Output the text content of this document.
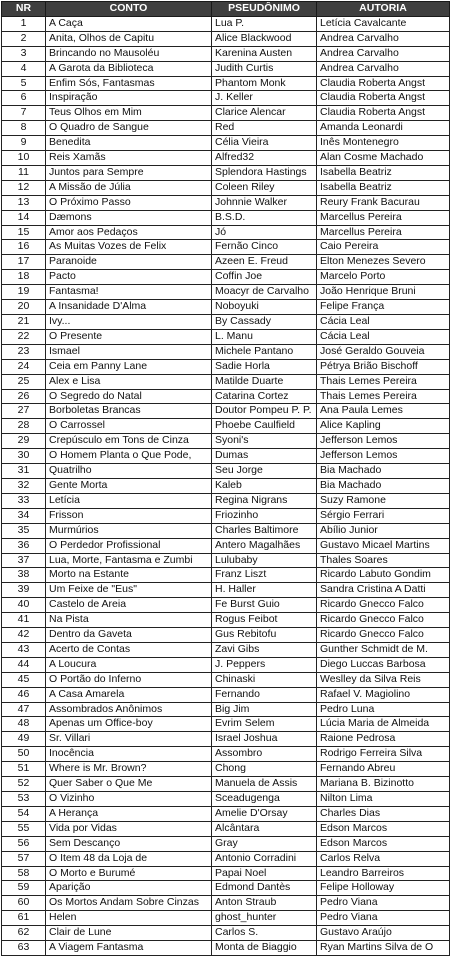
NR	CONTO	PSEUDÔNIMO	AUTORIA
1	A Caça	Lua P.	Letícia Cavalcante
2	Anita, Olhos de Capitu	Alice Blackwood	Andrea Carvalho
3	Brincando no Mausoléu	Karenina Austen	Andrea Carvalho
4	A Garota da Biblioteca	Judith Curtis	Andrea Carvalho
5	Enfim Sós, Fantasmas	Phantom Monk	Claudia Roberta Angst
6	Inspiração	J. Keller	Claudia Roberta Angst
7	Teus Olhos em Mim	Clarice Alencar	Claudia Roberta Angst
8	O Quadro de Sangue	Red	Amanda Leonardi
9	Benedita	Célia Vieira	Inês Montenegro
10	Reis Xamãs	Alfred32	Alan Cosme Machado
11	Juntos para Sempre	Splendora Hastings	Isabella Beatriz
12	A Missão de Júlia	Coleen Riley	Isabella Beatriz
13	O Próximo Passo	Johnnie Walker	Reury Frank Bacurau
14	Dæmons	B.S.D.	Marcellus Pereira
15	Amor aos Pedaços	Jó	Marcellus Pereira
16	As Muitas Vozes de Felix	Fernão Cinco	Caio Pereira
17	Paranoide	Azeen E. Freud	Elton Menezes Severo
18	Pacto	Coffin Joe	Marcelo Porto
19	Fantasma!	Moacyr de Carvalho	João Henrique Bruni
20	A Insanidade D'Alma	Noboyuki	Felipe França
21	Ivy...	By Cassady	Cácia Leal
22	O Presente	L. Manu	Cácia Leal
23	Ismael	Michele Pantano	José Geraldo Gouveia
24	Ceia em Panny Lane	Sadie Horla	Pétrya Brião Bischoff
25	Alex e Lisa	Matilde Duarte	Thais Lemes Pereira
26	O Segredo do Natal	Catarina Cortez	Thais Lemes Pereira
27	Borboletas Brancas	Doutor Pompeu P. P.	Ana Paula Lemes
28	O Carrossel	Phoebe Caulfield	Alice Kapling
29	Crepúsculo em Tons de Cinza	Syoni's	Jefferson Lemos
30	O Homem Planta o Que Pode,	Dumas	Jefferson Lemos
31	Quatrilho	Seu Jorge	Bia Machado
32	Gente Morta	Kaleb	Bia Machado
33	Letícia	Regina Nigrans	Suzy Ramone
34	Frisson	Friozinho	Sérgio Ferrari
35	Murmúrios	Charles Baltimore	Abílio Junior
36	O Perdedor Profissional	Antero Magalhães	Gustavo Micael Martins
37	Lua, Morte, Fantasma e Zumbi	Lulubaby	Thales Soares
38	Morto na Estante	Franz Liszt	Ricardo Labuto Gondim
39	Um Feixe de "Eus"	H. Haller	Sandra Cristina A Datti
40	Castelo de Areia	Fe Burst Guio	Ricardo Gnecco Falco
41	Na Pista	Rogus Feibot	Ricardo Gnecco Falco
42	Dentro da Gaveta	Gus Rebitofu	Ricardo Gnecco Falco
43	Acerto de Contas	Zavi Gibs	Gunther Schmidt de M.
44	A Loucura	J. Peppers	Diego Luccas Barbosa
45	O Portão do Inferno	Chinaski	Weslley da Silva Reis
46	A Casa Amarela	Fernando	Rafael V. Magiolino
47	Assombrados Anônimos	Big Jim	Pedro Luna
48	Apenas um Office-boy	Evrim Selem	Lúcia Maria de Almeida
49	Sr. Villari	Israel Joshua	Raione Pedrosa
50	Inocência	Assombro	Rodrigo Ferreira Silva
51	Where is Mr. Brown?	Chong	Fernando Abreu
52	Quer Saber o Que Me	Manuela de Assis	Mariana B. Bizinotto
53	O Vizinho	Sceadugenga	Nilton Lima
54	A Herança	Amelie D'Orsay	Charles Dias
55	Vida por Vidas	Alcântara	Edson Marcos
56	Sem Descanço	Gray	Edson Marcos
57	O Item 48 da Loja de	Antonio Corradini	Carlos Relva
58	O Morto e Burumé	Papai Noel	Leandro Barreiros
59	Aparição	Edmond Dantès	Felipe Holloway
60	Os Mortos Andam Sobre Cinzas	Anton Straub	Pedro Viana
61	Helen	ghost_hunter	Pedro Viana
62	Clair de Lune	Carlos S.	Gustavo Araújo
63	A Viagem Fantasma	Monta de Biaggio	Ryan Martins Silva de O
